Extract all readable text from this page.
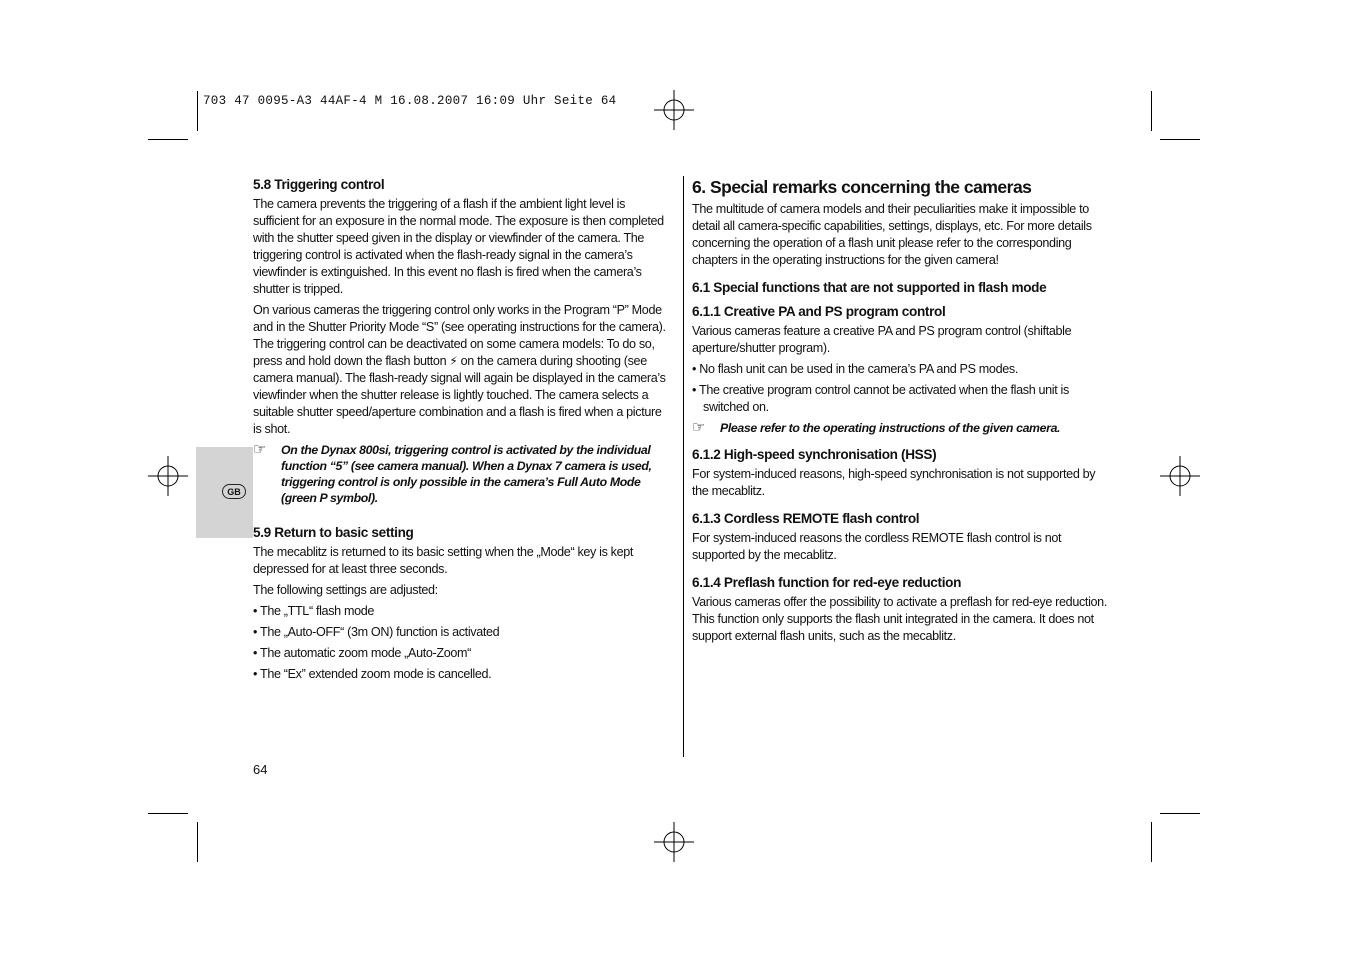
703 47 0095-A3 44AF-4 M 16.08.2007 16:09 Uhr Seite 64
GB
5.8 Triggering control

The camera prevents the triggering of a flash if the ambient light level is sufficient for an exposure in the normal mode. The exposure is then completed with the shutter speed given in the display or viewfinder of the camera. The triggering control is activated when the flash-ready signal in the camera’s viewfinder is extinguished. In this event no flash is fired when the camera’s shutter is tripped.

On various cameras the triggering control only works in the Program “P” Mode and in the Shutter Priority Mode “S” (see operating instructions for the camera). The triggering control can be deactivated on some camera models: To do so, press and hold down the flash button ⚡ on the camera during shooting (see camera manual). The flash-ready signal will again be displayed in the camera’s viewfinder when the shutter release is lightly touched. The camera selects a suitable shutter speed/aperture combination and a flash is fired when a picture is shot.

☞	On the Dynax 800si, triggering control is activated by the individual function “5” (see camera manual). When a Dynax 7 camera is used, triggering control is only possible in the camera’s Full Auto Mode (green P symbol).
5.9 Return to basic setting

The mecablitz is returned to its basic setting when the „Mode“ key is kept depressed for at least three seconds.

The following settings are adjusted:

• The „TTL“ flash mode
• The „Auto-OFF“ (3m ON) function is activated
• The automatic zoom mode „Auto-Zoom“
• The “Ex” extended zoom mode is cancelled.
6. Special remarks concerning the cameras

The multitude of camera models and their peculiarities make it impossible to detail all camera-specific capabilities, settings, displays, etc. For more details concerning the operation of a flash unit please refer to the corresponding chapters in the operating instructions for the given camera!

6.1 Special functions that are not supported in flash mode
6.1.1 Creative PA and PS program control

Various cameras feature a creative PA and PS program control (shiftable aperture/shutter program).

• No flash unit can be used in the camera’s PA and PS modes.
• The creative program control cannot be activated when the flash unit is switched on.
☞	Please refer to the operating instructions of the given camera.
6.1.2 High-speed synchronisation (HSS)

For system-induced reasons, high-speed synchronisation is not supported by the mecablitz.

6.1.3 Cordless REMOTE flash control

For system-induced reasons the cordless REMOTE flash control is not supported by the mecablitz.

6.1.4 Preflash function for red-eye reduction

Various cameras offer the possibility to activate a preflash for red-eye reduction. This function only supports the flash unit integrated in the camera. It does not support external flash units, such as the mecablitz.

64
